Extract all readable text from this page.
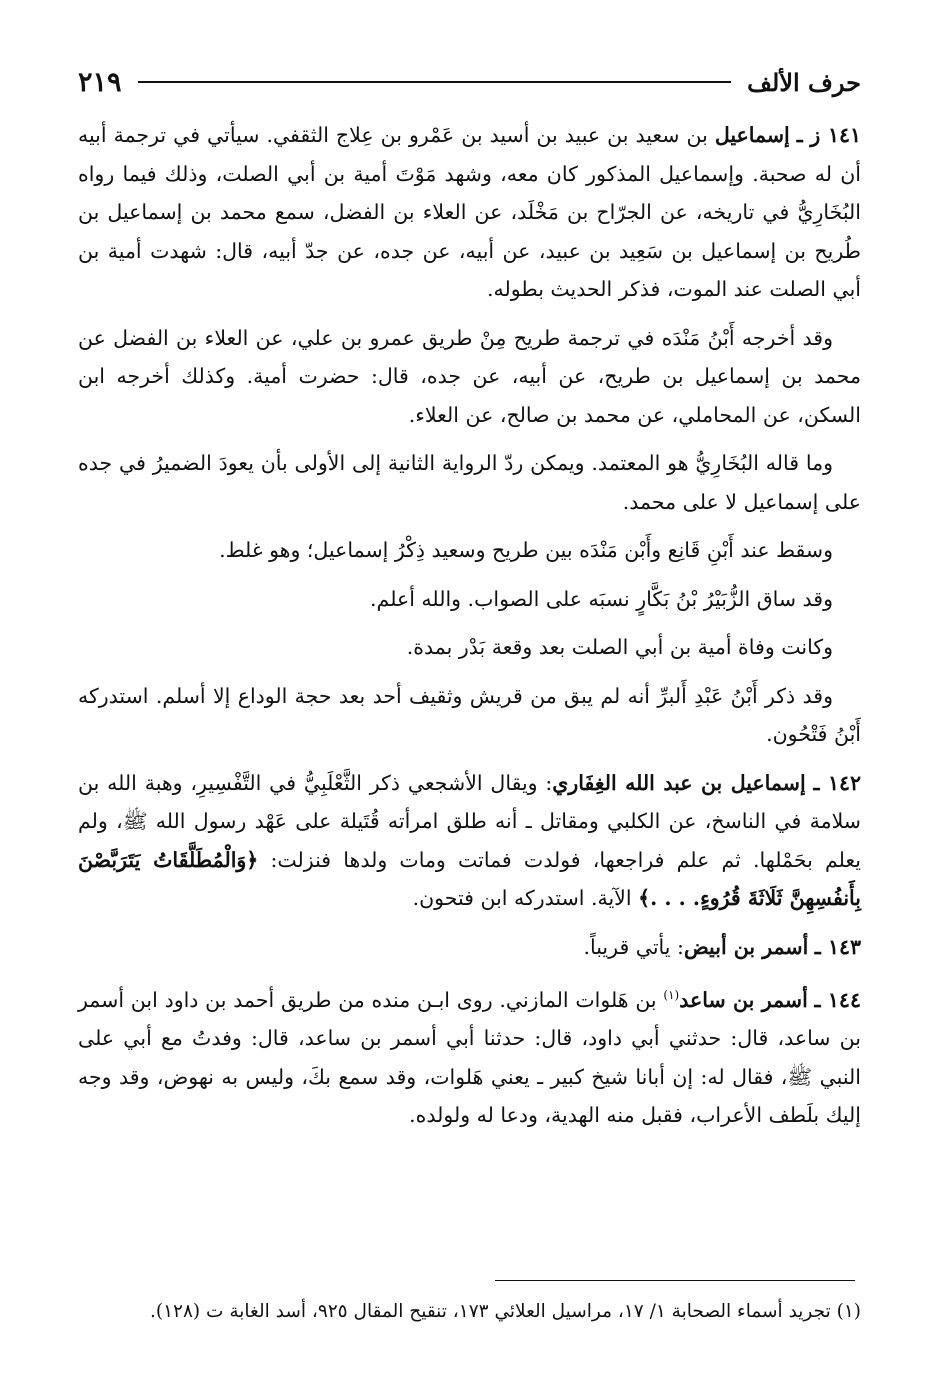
حرف الألف
٢١٩

١٤١ ز ـ إسماعيل بن سعيد بن عبيد بن أسيد بن عَمْرو بن عِلاج الثقفي. سيأتي في ترجمة أبيه أن له صحبة. وإسماعيل المذكور كان معه، وشهد مَوْتَ أمية بن أبي الصلت، وذلك فيما رواه البُخَارِيُّ في تاريخه، عن الجرّاح بن مَخْلَد، عن العلاء بن الفضل، سمع محمد بن إسماعيل بن طُريح بن إسماعيل بن سَعِيد بن عبيد، عن أبيه، عن جده، عن جدّ أبيه، قال: شهدت أمية بن أبي الصلت عند الموت، فذكر الحديث بطوله.

وقد أخرجه أَبْنُ مَنْدَه في ترجمة طريح مِنْ طريق عمرو بن علي، عن العلاء بن الفضل عن محمد بن إسماعيل بن طريح، عن أبيه، عن جده، قال: حضرت أمية. وكذلك أخرجه ابن السكن، عن المحاملي، عن محمد بن صالح، عن العلاء.

وما قاله البُخَارِيُّ هو المعتمد. ويمكن ردّ الرواية الثانية إلى الأولى بأن يعودَ الضميرُ في جده على إسماعيل لا على محمد.

وسقط عند أَبْنِ قَانِع وأَبْن مَنْدَه بين طريح وسعيد ذِكْرُ إسماعيل؛ وهو غلط.

وقد ساق الزُّبَيْرُ بْنُ بَكَّارٍ نسبَه على الصواب. والله أعلم.

وكانت وفاة أمية بن أبي الصلت بعد وقعة بَدْر بمدة.

وقد ذكر أَبْنُ عَبْدِ أَلبرِّ أنه لم يبق من قريش وثقيف أحد بعد حجة الوداع إلا أسلم. استدركه أَبْنُ فَتْحُون.

١٤٢ ـ إسماعيل بن عبد الله الغِفَاري: ويقال الأشجعي ذكر الثَّعْلَبِيُّ في التَّفْسِيرِ، وهبة الله بن سلامة في الناسخ، عن الكلبي ومقاتل ـ أنه طلق امرأته قُتَيلة على عَهْد رسول الله ﷺ، ولم يعلم بحَمْلها. ثم علم فراجعها، فولدت فماتت ومات ولدها فنزلت: ﴿وَالْمُطَلَّقَاتُ يَتَرَبَّصْنَ بِأَنفُسِهِنَّ ثَلَاثَةَ قُرُوءٍ. . . .﴾ الآية. استدركه ابن فتحون.

١٤٣ ـ أسمر بن أبيض: يأتي قريباً.

١٤٤ ـ أسمر بن ساعد$^{(١)}$ بن هَلوات المازني. روى ابـن منده من طريق أحمد بن داود ابن أسمر بن ساعد، قال: حدثني أبي داود، قال: حدثنا أبي أسمر بن ساعد، قال: وفدتُ مع أبي على النبي ﷺ، فقال له: إن أبانا شيخ كبير ـ يعني هَلوات، وقد سمع بكَ، وليس به نهوض، وقد وجه إليك بلَطف الأعراب، فقبل منه الهدية، ودعا له ولولده.

(١) تجريد أسماء الصحابة ١/ ١٧، مراسيل العلائي ١٧٣، تنقيح المقال ٩٢٥، أسد الغابة ت (١٢٨).
